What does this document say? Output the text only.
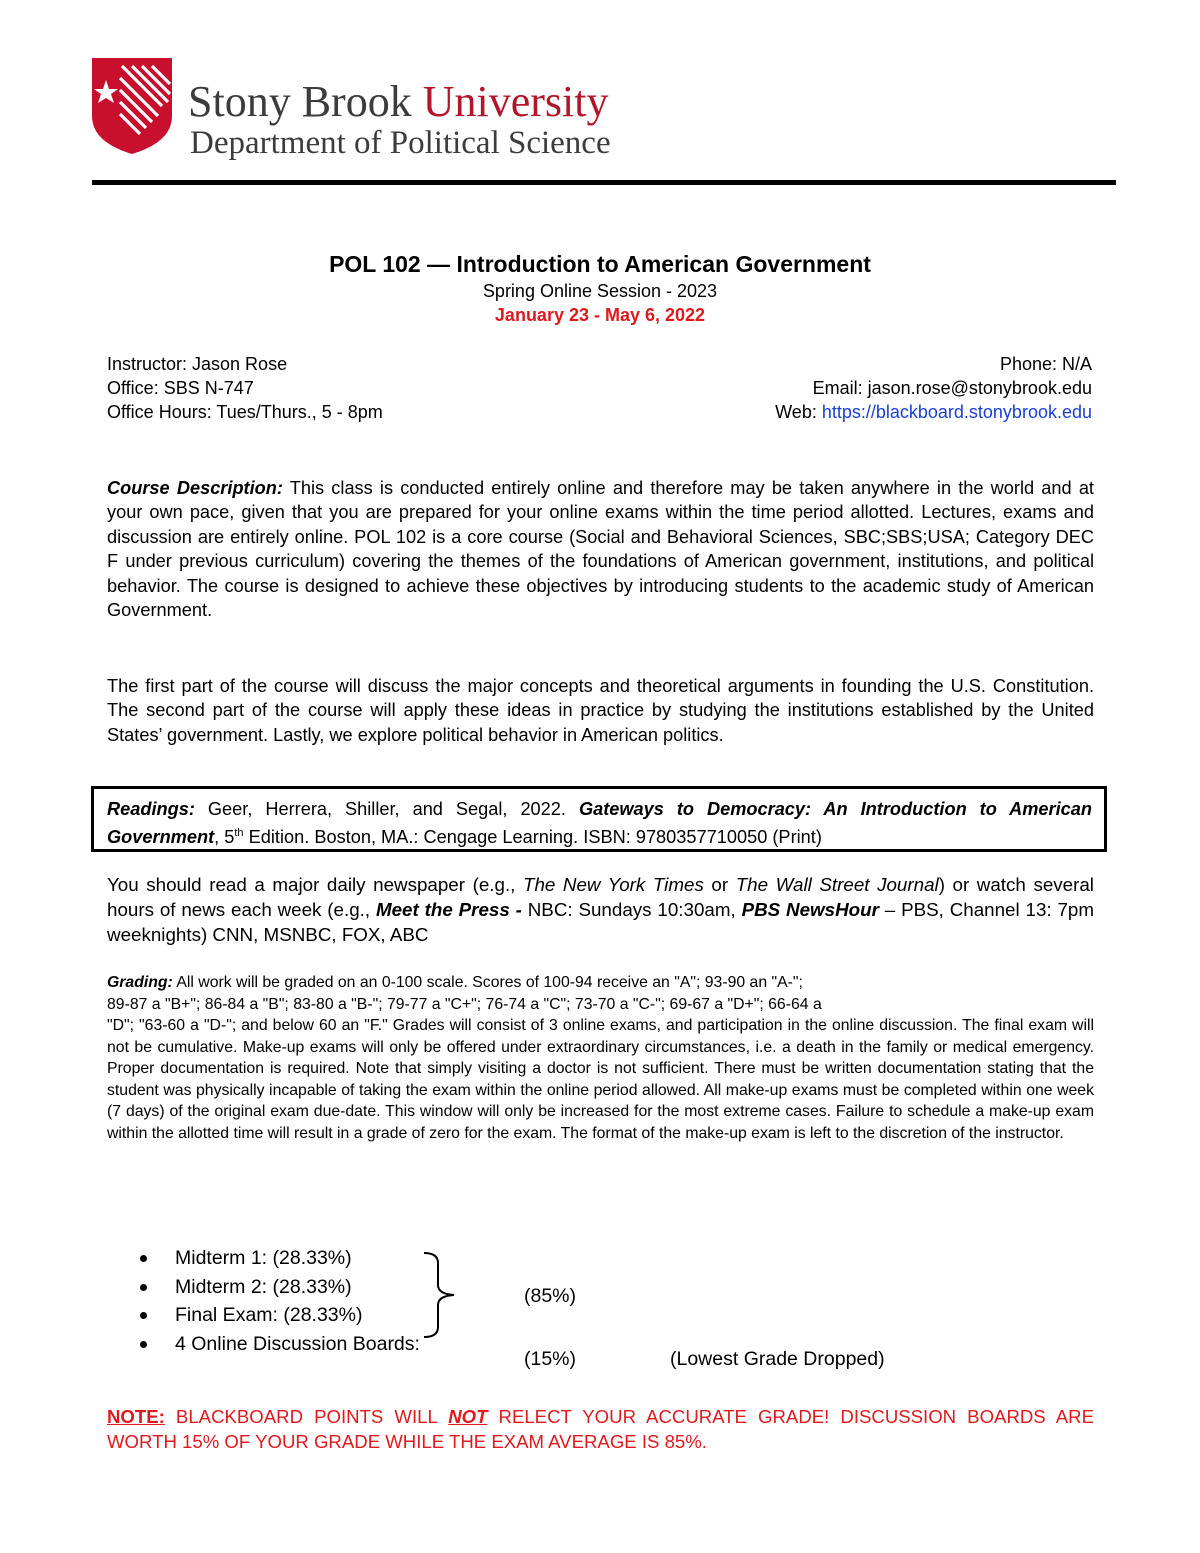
Stony Brook University
Department of Political Science
POL 102 — Introduction to American Government
Spring Online Session - 2023
January 23 - May 6, 2022
Instructor: Jason Rose
Office: SBS N-747
Office Hours: Tues/Thurs., 5 - 8pm
Phone: N/A
Email: jason.rose@stonybrook.edu
Web: https://blackboard.stonybrook.edu
Course Description: This class is conducted entirely online and therefore may be taken anywhere in the world and at your own pace, given that you are prepared for your online exams within the time period allotted. Lectures, exams and discussion are entirely online. POL 102 is a core course (Social and Behavioral Sciences, SBC;SBS;USA; Category DEC F under previous curriculum) covering the themes of the foundations of American government, institutions, and political behavior. The course is designed to achieve these objectives by introducing students to the academic study of American Government.
The first part of the course will discuss the major concepts and theoretical arguments in founding the U.S. Constitution. The second part of the course will apply these ideas in practice by studying the institutions established by the United States’ government. Lastly, we explore political behavior in American politics.
Readings: Geer, Herrera, Shiller, and Segal, 2022. Gateways to Democracy: An Introduction to American Government, 5th Edition. Boston, MA.: Cengage Learning. ISBN: 9780357710050 (Print)
You should read a major daily newspaper (e.g., The New York Times or The Wall Street Journal) or watch several hours of news each week (e.g., Meet the Press - NBC: Sundays 10:30am, PBS NewsHour – PBS, Channel 13: 7pm weeknights) CNN, MSNBC, FOX, ABC
Grading: All work will be graded on an 0-100 scale. Scores of 100-94 receive an "A"; 93-90 an "A-";
89-87 a "B+"; 86-84 a "B"; 83-80 a "B-"; 79-77 a "C+"; 76-74 a "C"; 73-70 a "C-"; 69-67 a "D+"; 66-64 a
"D"; "63-60 a "D-"; and below 60 an "F." Grades will consist of 3 online exams, and participation in the online discussion. The final exam will not be cumulative. Make-up exams will only be offered under extraordinary circumstances, i.e. a death in the family or medical emergency. Proper documentation is required. Note that simply visiting a doctor is not sufficient. There must be written documentation stating that the student was physically incapable of taking the exam within the online period allowed. All make-up exams must be completed within one week (7 days) of the original exam due-date. This window will only be increased for the most extreme cases. Failure to schedule a make-up exam within the allotted time will result in a grade of zero for the exam. The format of the make-up exam is left to the discretion of the instructor.
Midterm 1: (28.33%)
Midterm 2: (28.33%)
Final Exam: (28.33%)
4 Online Discussion Boards:
(85%)
(15%)	(Lowest Grade Dropped)
NOTE: BLACKBOARD POINTS WILL NOT RELECT YOUR ACCURATE GRADE! DISCUSSION BOARDS ARE WORTH 15% OF YOUR GRADE WHILE THE EXAM AVERAGE IS 85%.
